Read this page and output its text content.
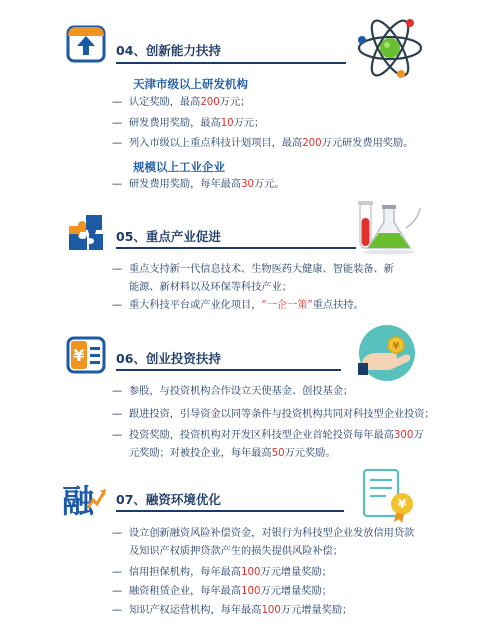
04、创新能力扶持
天津市级以上研发机构
— 认定奖励，最高200万元；
— 研发费用奖励，最高10万元；
— 列入市级以上重点科技计划项目，最高200万元研发费用奖励。
规模以上工业企业
— 研发费用奖励，每年最高30万元。
05、重点产业促进
— 重点支持新一代信息技术、生物医药大健康、智能装备、新
能源、新材料以及环保等科技产业；
— 重大科技平台或产业化项目，“一企一策”重点扶持。
¥	06、创业投资扶持
¥
— 参股，与投资机构合作设立天使基金、创投基金；
— 跟进投资，引导资金以同等条件与投资机构共同对科技型企业投资；
— 投资奖励，投资机构对开发区科技型企业首轮投资每年最高300万
元奖励；对被投企业，每年最高50万元奖励。
融 07、融资环境优化	¥
— 设立创新融资风险补偿资金，对银行为科技型企业发放信用贷款
及知识产权质押贷款产生的损失提供风险补偿；
— 信用担保机构，每年最高100万元增量奖励；
— 融资租赁企业，每年最高100万元增量奖励；
— 知识产权运营机构，每年最高100万元增量奖励；
